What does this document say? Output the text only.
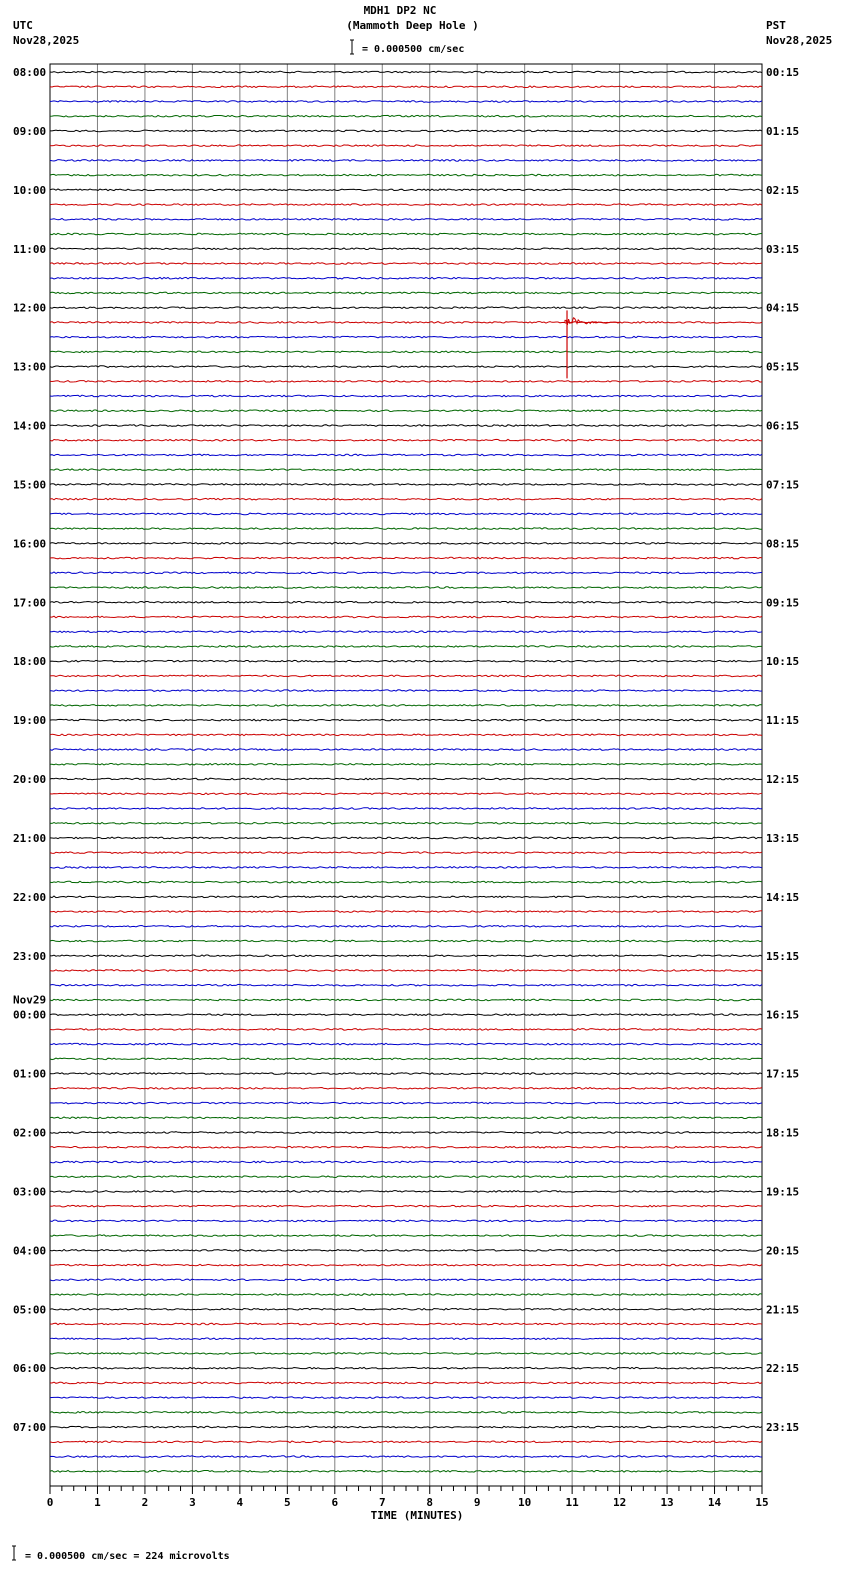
MDH1 DP2 NC
(Mammoth Deep Hole )
UTC
Nov28,2025
PST
Nov28,2025
= 0.000500 cm/sec
= 0.000500 cm/sec = 224 microvolts
08:00
09:00
10:00
11:00
12:00
13:00
14:00
15:00
16:00
17:00
18:00
19:00
20:00
21:00
22:00
23:00
00:00
Nov29
01:00
02:00
03:00
04:00
05:00
06:00
07:00
00:15
01:15
02:15
03:15
04:15
05:15
06:15
07:15
08:15
09:15
10:15
11:15
12:15
13:15
14:15
15:15
16:15
17:15
18:15
19:15
20:15
21:15
22:15
23:15
0	1	2	3	4	5	6	7	8	9	10	11	12	13	14	15
TIME (MINUTES)
